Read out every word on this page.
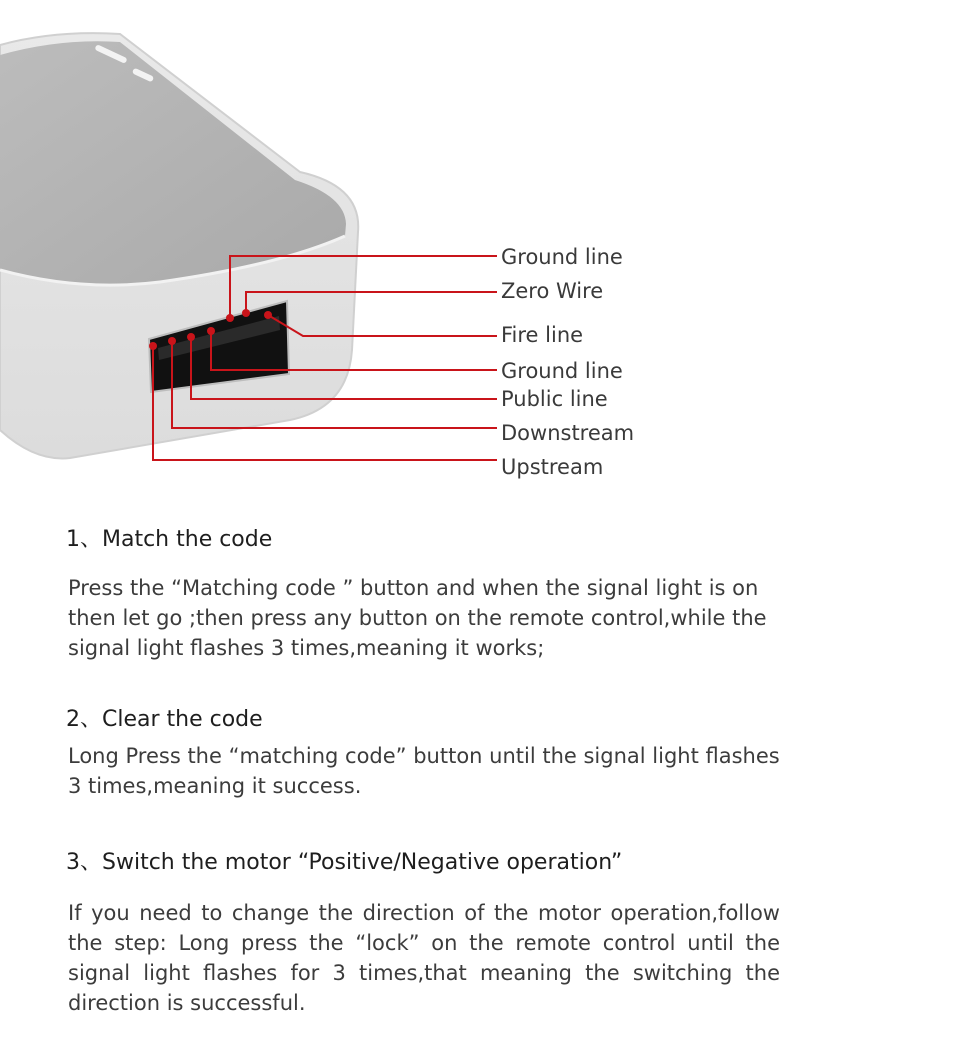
Ground line
Zero Wire
Fire line
Ground line
Public line
Downstream
Upstream
1、Match the code
Press the “Matching code ” button and when the signal light is on then let go ;then press any button on the remote control,while the signal light flashes 3 times,meaning it works;
2、Clear the code
Long Press the “matching code” button until the signal light flashes 3 times,meaning it success.
3、Switch the motor “Positive/Negative operation”
If you need to change the direction of the motor operation,follow the step: Long press the “lock” on the remote control until the signal light flashes for 3 times,that meaning the switching the direction is successful.
